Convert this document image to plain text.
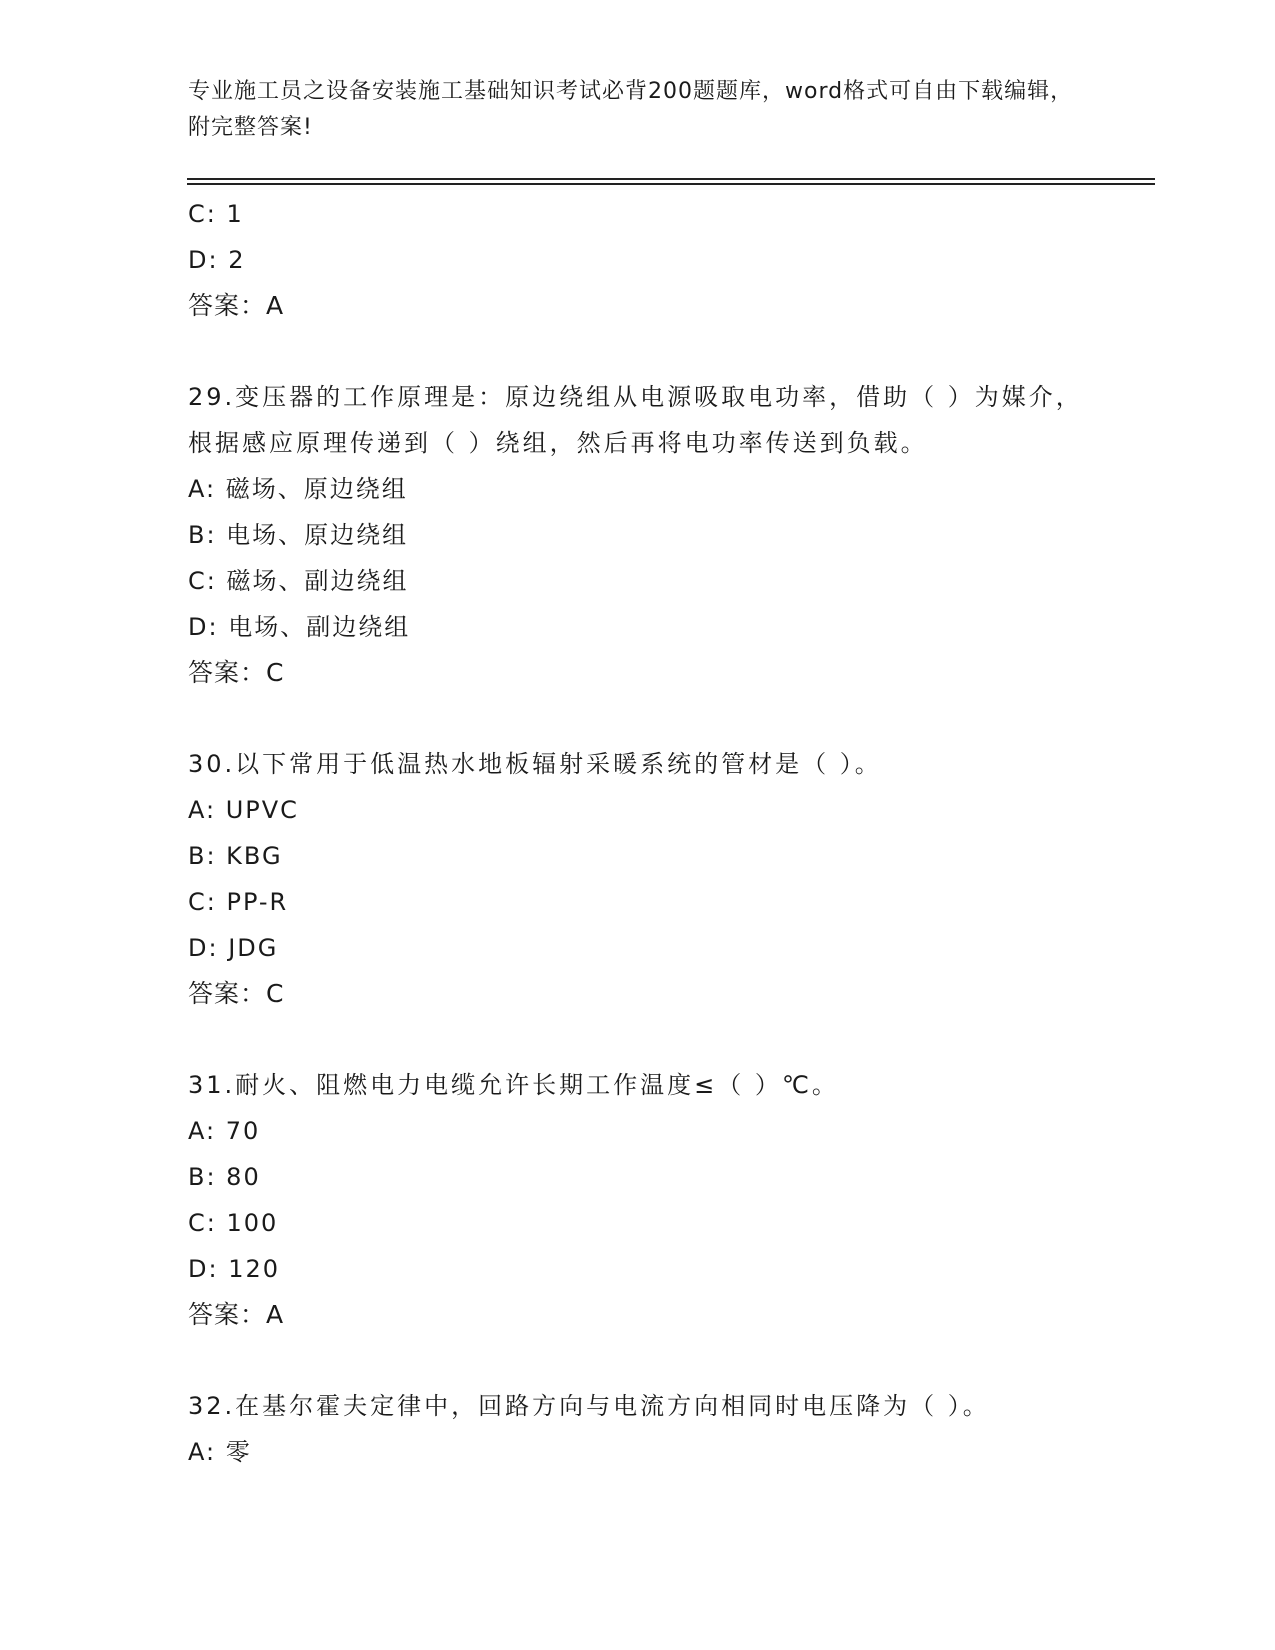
专业施工员之设备安装施工基础知识考试必背200题题库，word格式可自由下载编辑，附完整答案!
C: 1
D: 2
答案：A
29.变压器的工作原理是：原边绕组从电源吸取电功率，借助（ ）为媒介，根据感应原理传递到（ ）绕组，然后再将电功率传送到负载。
A: 磁场、原边绕组
B: 电场、原边绕组
C: 磁场、副边绕组
D: 电场、副边绕组
答案：C
30.以下常用于低温热水地板辐射采暖系统的管材是（ ）。
A: UPVC
B: KBG
C: PP-R
D: JDG
答案：C
31.耐火、阻燃电力电缆允许长期工作温度≤（ ）℃。
A: 70
B: 80
C: 100
D: 120
答案：A
32.在基尔霍夫定律中，回路方向与电流方向相同时电压降为（ ）。
A: 零
